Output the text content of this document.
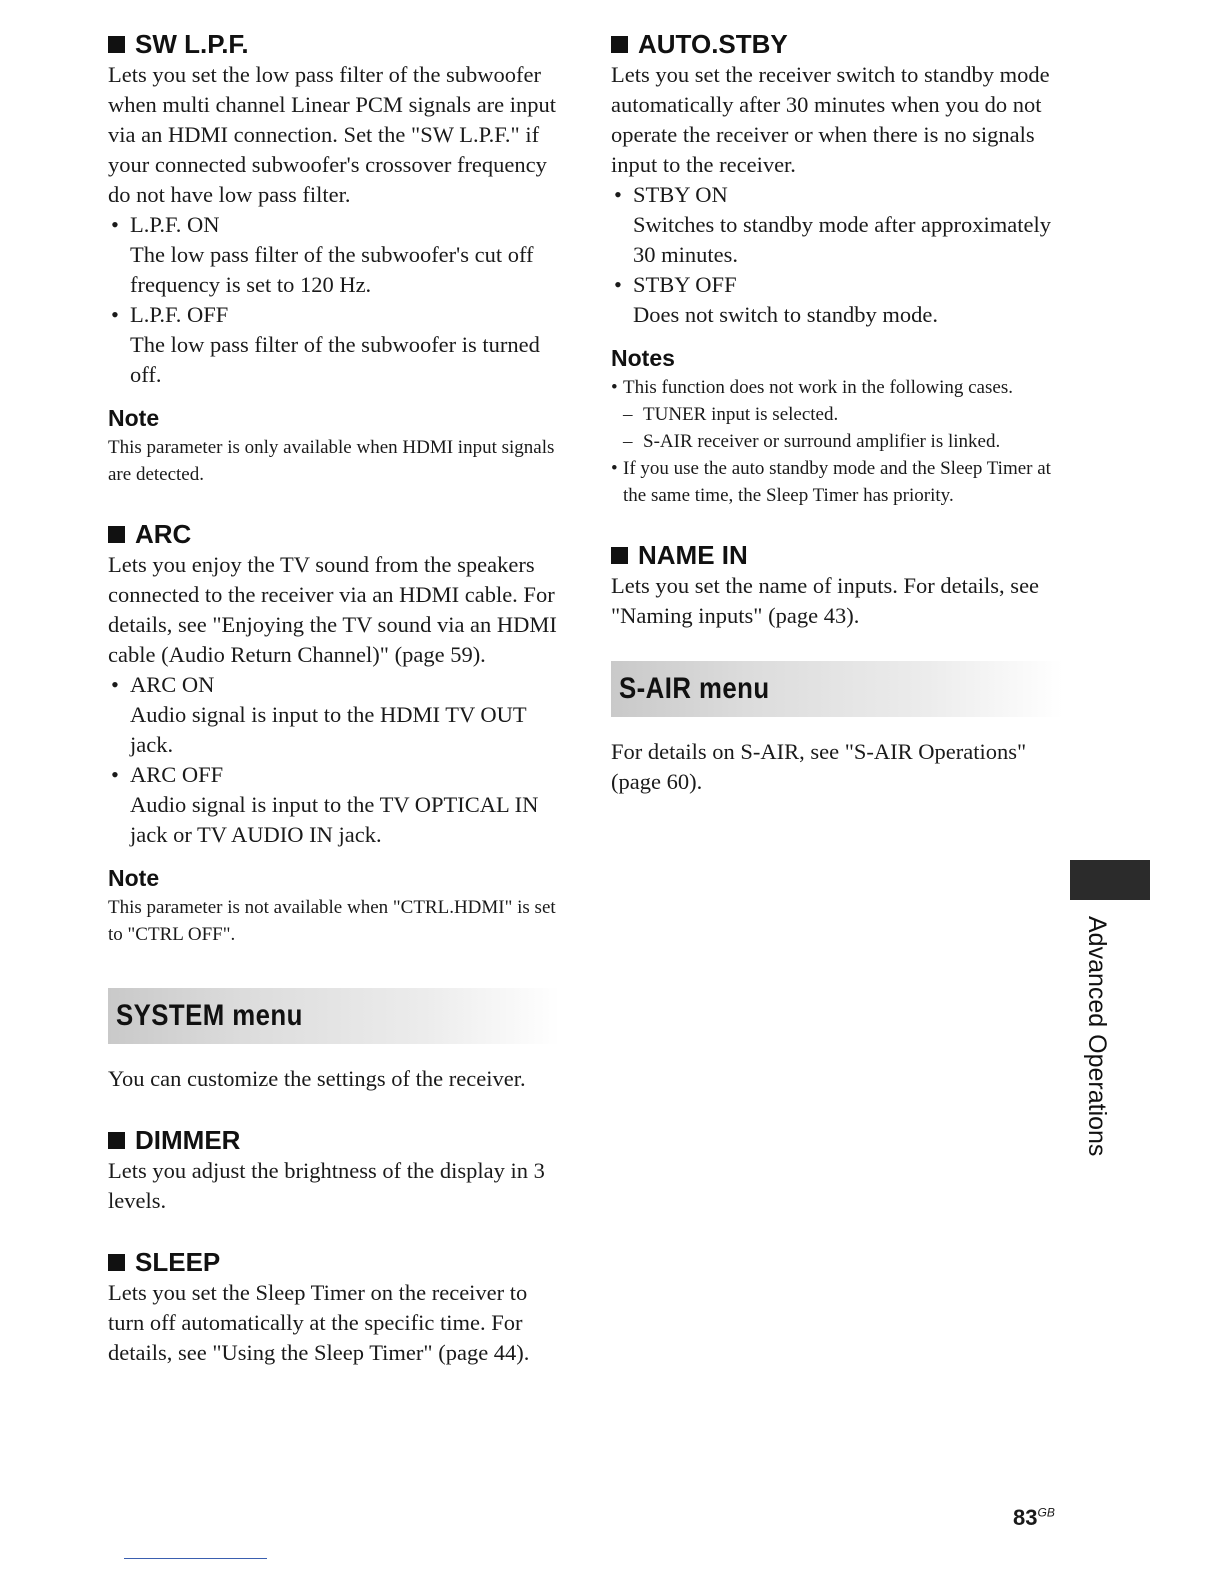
SW L.P.F.

Lets you set the low pass filter of the subwoofer when multi channel Linear PCM signals are input via an HDMI connection. Set the "SW L.P.F." if your connected subwoofer's crossover frequency do not have low pass filter.

• L.P.F. ON
The low pass filter of the subwoofer's cut off frequency is set to 120 Hz.
• L.P.F. OFF
The low pass filter of the subwoofer is turned off.
Note

This parameter is only available when HDMI input signals are detected.

ARC

Lets you enjoy the TV sound from the speakers connected to the receiver via an HDMI cable. For details, see "Enjoying the TV sound via an HDMI cable (Audio Return Channel)" (page 59).

• ARC ON
Audio signal is input to the HDMI TV OUT jack.
• ARC OFF
Audio signal is input to the TV OPTICAL IN jack or TV AUDIO IN jack.
Note

This parameter is not available when "CTRL.HDMI" is set to "CTRL OFF".

SYSTEM menu

You can customize the settings of the receiver.

DIMMER

Lets you adjust the brightness of the display in 3 levels.

SLEEP

Lets you set the Sleep Timer on the receiver to turn off automatically at the specific time. For details, see "Using the Sleep Timer" (page 44).

AUTO.STBY

Lets you set the receiver switch to standby mode automatically after 30 minutes when you do not operate the receiver or when there is no signals input to the receiver.

• STBY ON
Switches to standby mode after approximately 30 minutes.
• STBY OFF
Does not switch to standby mode.
Notes
• This function does not work in the following cases.
– TUNER input is selected.
– S-AIR receiver or surround amplifier is linked.
• If you use the auto standby mode and the Sleep Timer at the same time, the Sleep Timer has priority.
NAME IN

Lets you set the name of inputs. For details, see "Naming inputs" (page 43).

S-AIR menu

For details on S-AIR, see "S-AIR Operations" (page 60).

Advanced Operations
$83^{GB}$
